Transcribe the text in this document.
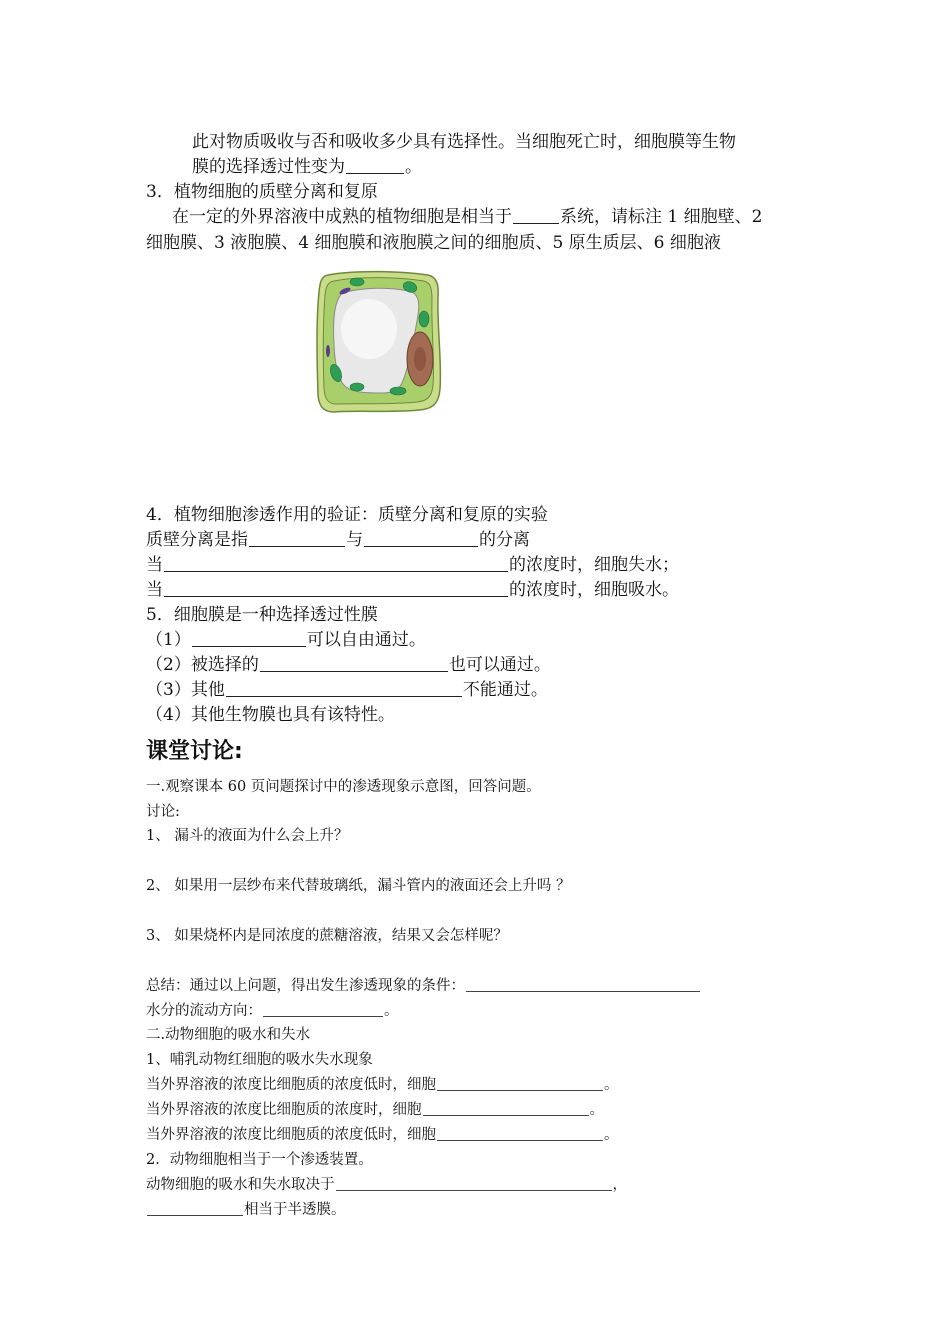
此对物质吸收与否和吸收多少具有选择性。当细胞死亡时，细胞膜等生物
膜的选择透过性变为	。
3．植物细胞的质壁分离和复原
在一定的外界溶液中成熟的植物细胞是相当于	系统，请标注 1 细胞壁、2
细胞膜、3 液胞膜、4 细胞膜和液胞膜之间的细胞质、5 原生质层、6 细胞液
4．植物细胞渗透作用的验证：质壁分离和复原的实验
质壁分离是指	与	的分离
当	的浓度时，细胞失水；
当	的浓度时，细胞吸水。
5．细胞膜是一种选择透过性膜
（1）	可以自由通过。
（2）被选择的	也可以通过。
（3）其他	不能通过。
（4）其他生物膜也具有该特性。
课堂讨论:
一.观察课本 60 页问题探讨中的渗透现象示意图，回答问题。
讨论:
1、 漏斗的液面为什么会上升？
2、 如果用一层纱布来代替玻璃纸，漏斗管内的液面还会上升吗 ？
3、 如果烧杯内是同浓度的蔗糖溶液，结果又会怎样呢？
总结：通过以上问题，得出发生渗透现象的条件：
水分的流动方向：	。
二.动物细胞的吸水和失水
1、哺乳动物红细胞的吸水失水现象
当外界溶液的浓度比细胞质的浓度低时，细胞	。
当外界溶液的浓度比细胞质的浓度时，细胞	。
当外界溶液的浓度比细胞质的浓度低时，细胞	。
2．动物细胞相当于一个渗透装置。
动物细胞的吸水和失水取决于	，
相当于半透膜。
